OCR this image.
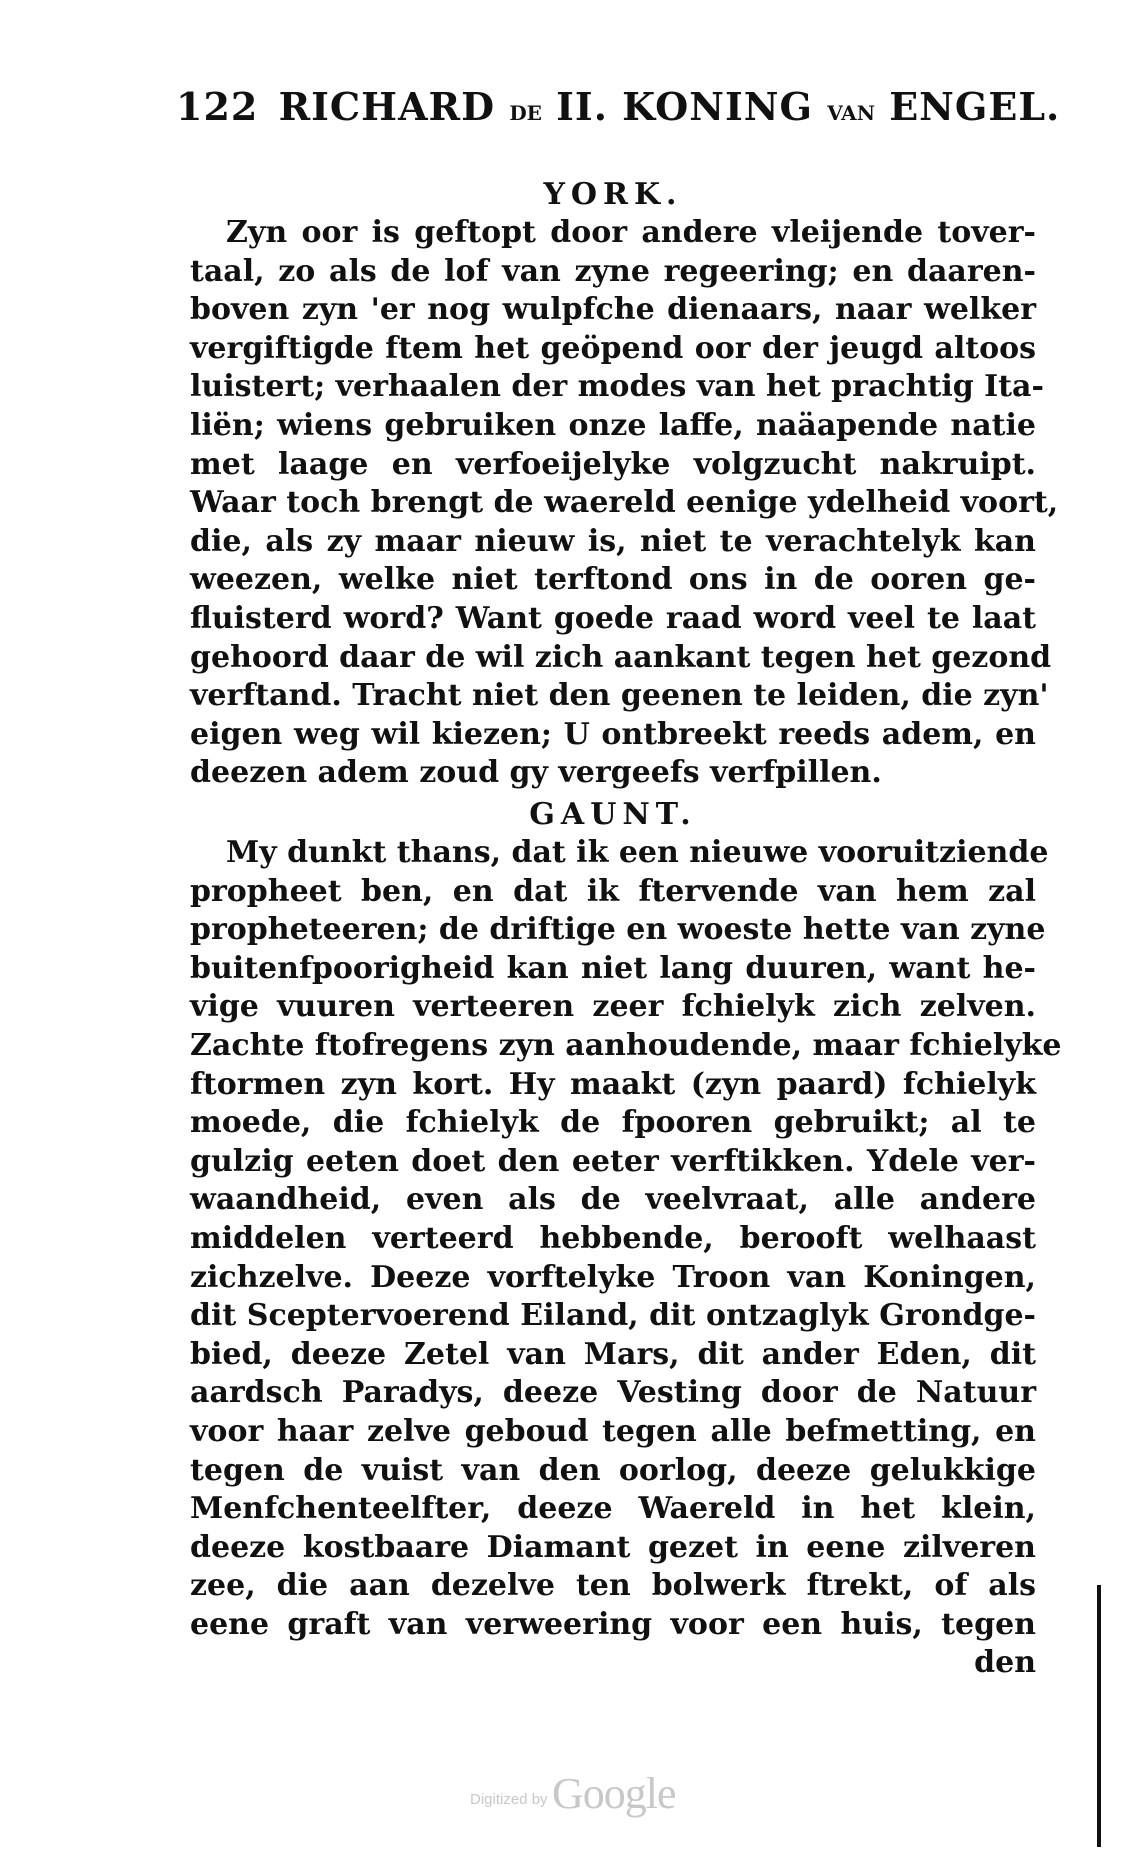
122 RICHARD DE II. KONING VAN ENGEL.

YORK.

Zyn oor is geftopt door andere vleijende tover-

taal, zo als de lof van zyne regeering; en daaren-

boven zyn 'er nog wulpfche dienaars, naar welker

vergiftigde ftem het geöpend oor der jeugd altoos

luistert; verhaalen der modes van het prachtig Ita-

liën; wiens gebruiken onze laffe, naäapende natie

met laage en verfoeijelyke volgzucht nakruipt.

Waar toch brengt de waereld eenige ydelheid voort,

die, als zy maar nieuw is, niet te verachtelyk kan

weezen, welke niet terftond ons in de ooren ge-

fluisterd word? Want goede raad word veel te laat

gehoord daar de wil zich aankant tegen het gezond

verftand. Tracht niet den geenen te leiden, die zyn'

eigen weg wil kiezen; U ontbreekt reeds adem, en

deezen adem zoud gy vergeefs verfpillen.

GAUNT.

My dunkt thans, dat ik een nieuwe vooruitziende

propheet ben, en dat ik ftervende van hem zal

propheteeren; de driftige en woeste hette van zyne

buitenfpoorigheid kan niet lang duuren, want he-

vige vuuren verteeren zeer fchielyk zich zelven.

Zachte ftofregens zyn aanhoudende, maar fchielyke

ftormen zyn kort. Hy maakt (zyn paard) fchielyk

moede, die fchielyk de fpooren gebruikt; al te

gulzig eeten doet den eeter verftikken. Ydele ver-

waandheid, even als de veelvraat, alle andere

middelen verteerd hebbende, berooft welhaast

zichzelve. Deeze vorftelyke Troon van Koningen,

dit Sceptervoerend Eiland, dit ontzaglyk Grondge-

bied, deeze Zetel van Mars, dit ander Eden, dit

aardsch Paradys, deeze Vesting door de Natuur

voor haar zelve geboud tegen alle befmetting, en

tegen de vuist van den oorlog, deeze gelukkige

Menfchenteelfter, deeze Waereld in het klein,

deeze kostbaare Diamant gezet in eene zilveren

zee, die aan dezelve ten bolwerk ftrekt, of als

eene graft van verweering voor een huis, tegen

den

Digitized by Google
